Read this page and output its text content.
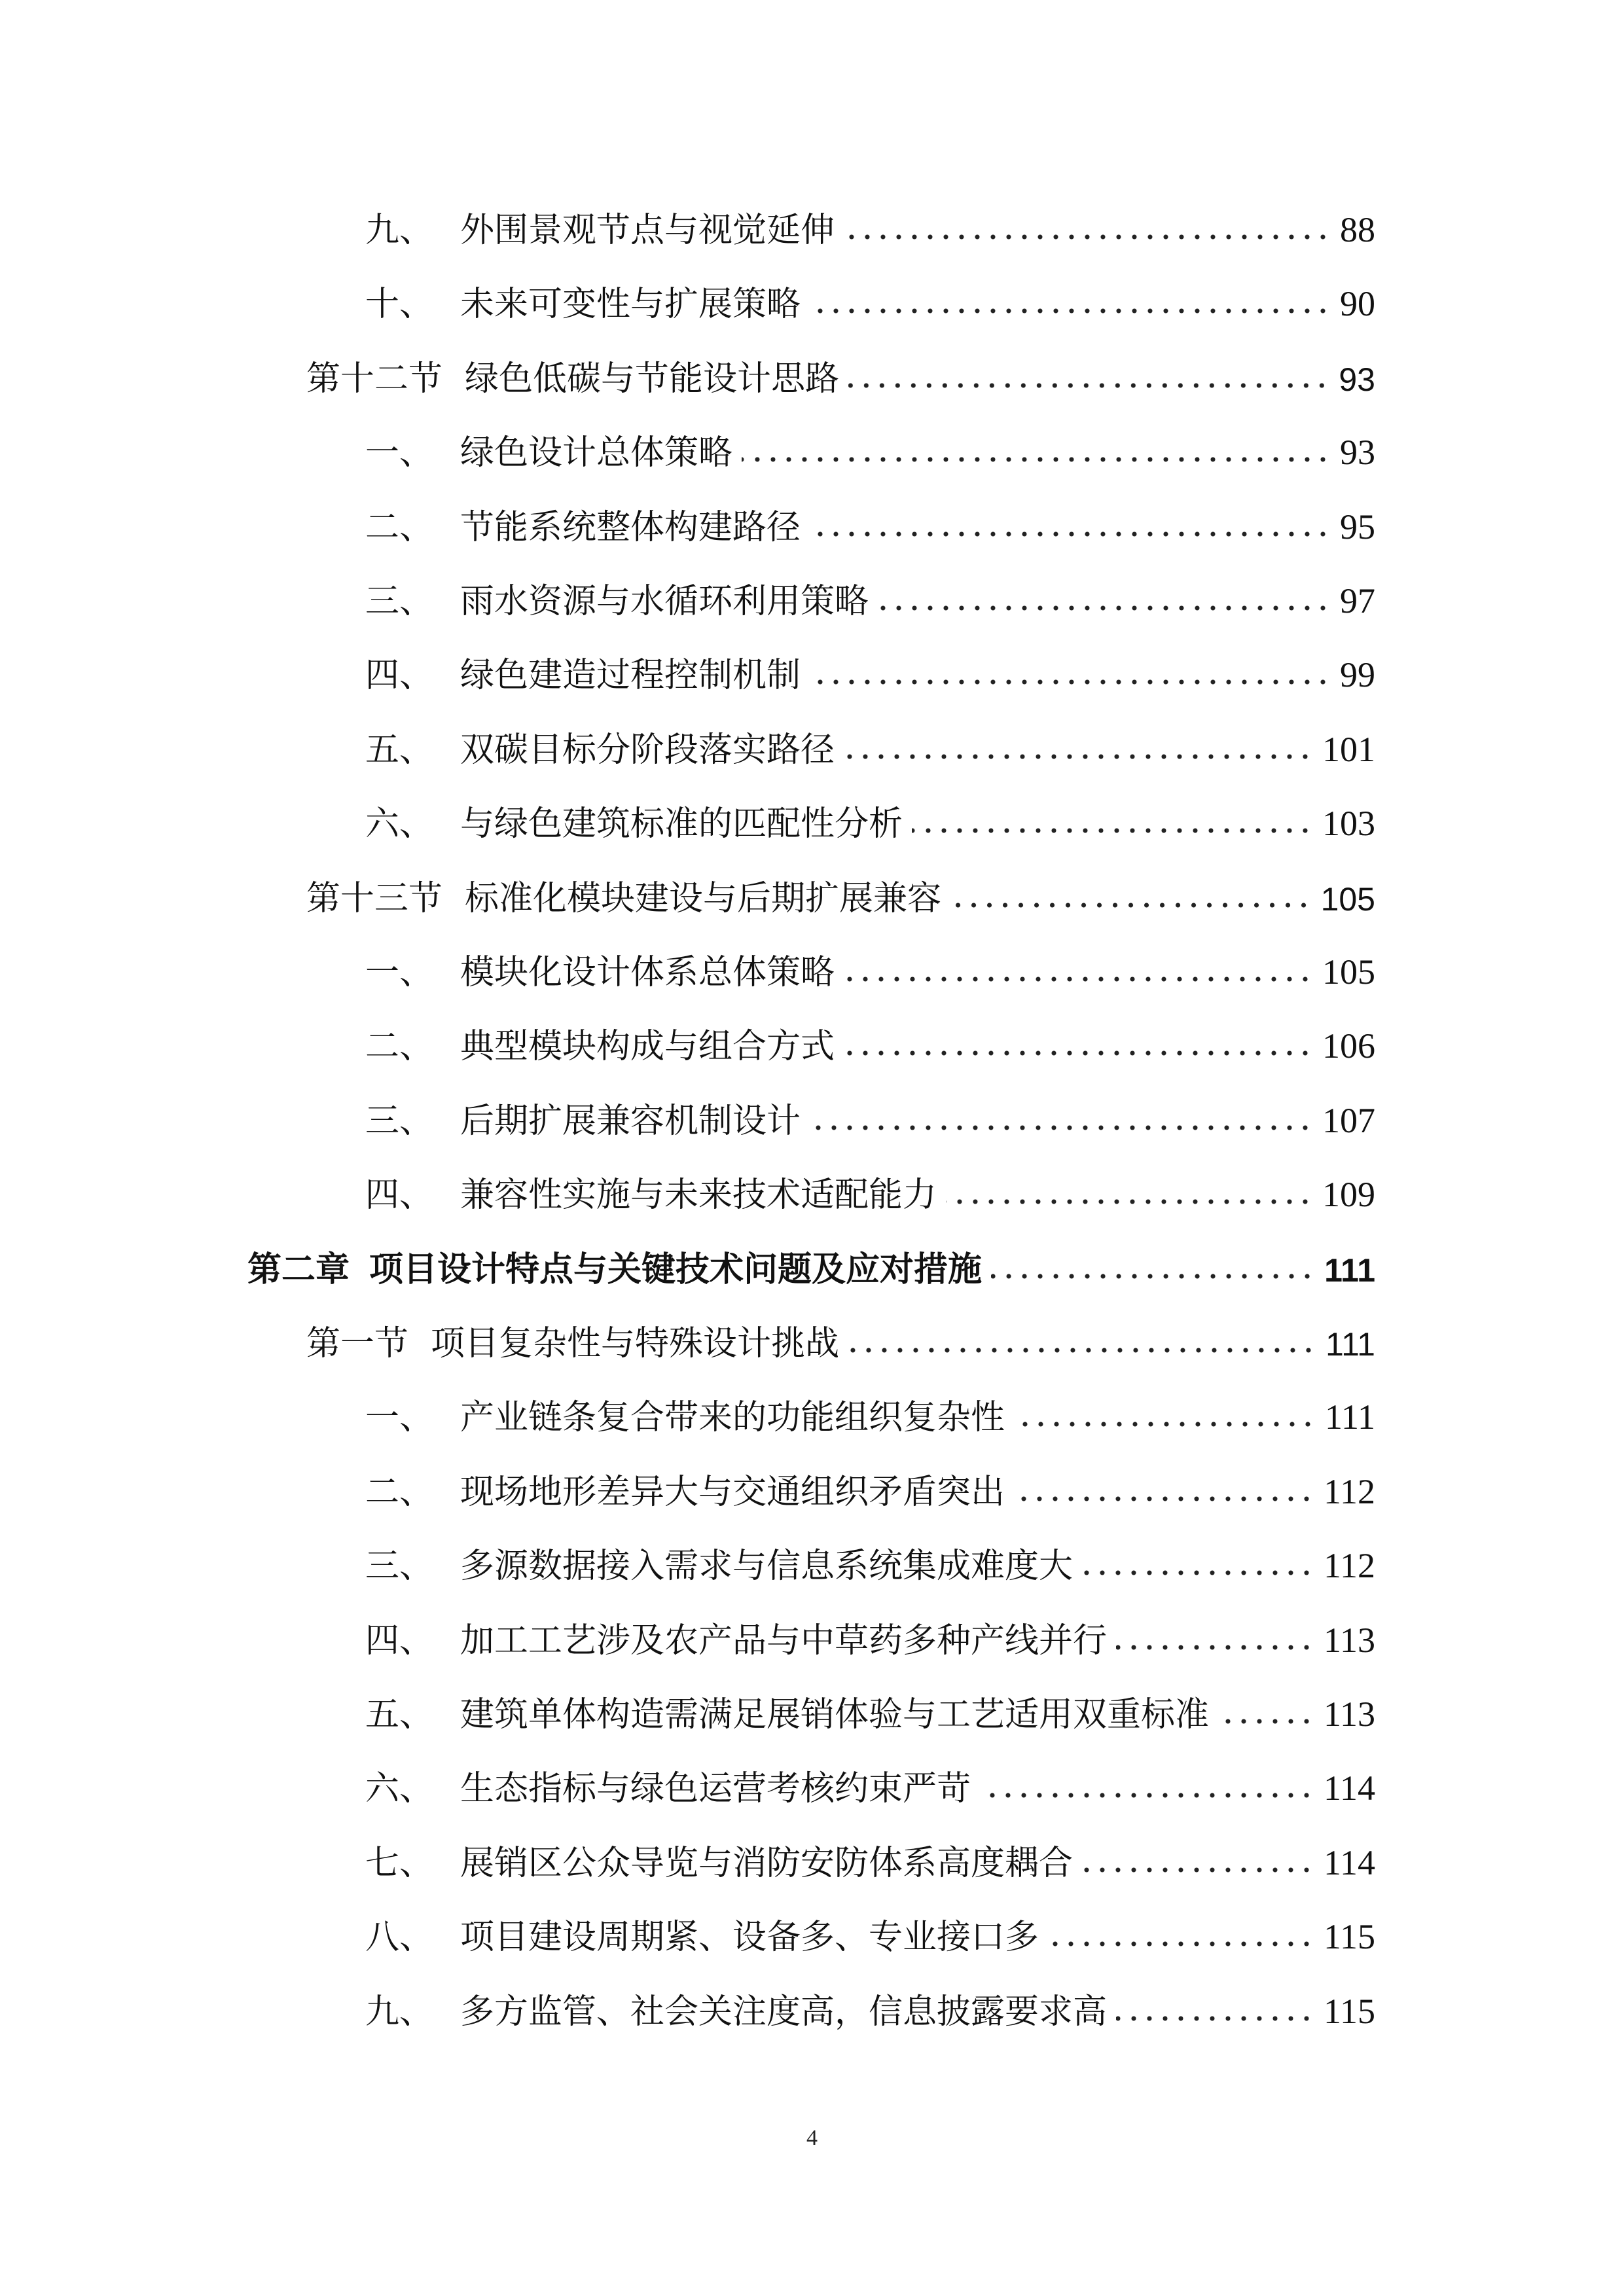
九、 外围景观节点与视觉延伸	88
十、 未来可变性与扩展策略	90
第十二节 绿色低碳与节能设计思路	93
一、 绿色设计总体策略	93
二、 节能系统整体构建路径	95
三、 雨水资源与水循环利用策略	97
四、 绿色建造过程控制机制	99
五、 双碳目标分阶段落实路径	101
六、 与绿色建筑标准的匹配性分析	103
第十三节 标准化模块建设与后期扩展兼容	105
一、 模块化设计体系总体策略	105
二、 典型模块构成与组合方式	106
三、 后期扩展兼容机制设计	107
四、 兼容性实施与未来技术适配能力	109
第二章 项目设计特点与关键技术问题及应对措施	111
第一节 项目复杂性与特殊设计挑战	111
一、 产业链条复合带来的功能组织复杂性	111
二、 现场地形差异大与交通组织矛盾突出	112
三、 多源数据接入需求与信息系统集成难度大	112
四、 加工工艺涉及农产品与中草药多种产线并行	113
五、 建筑单体构造需满足展销体验与工艺适用双重标准	113
六、 生态指标与绿色运营考核约束严苛	114
七、 展销区公众导览与消防安防体系高度耦合	114
八、 项目建设周期紧、设备多、专业接口多	115
九、 多方监管、社会关注度高，信息披露要求高	115
4
